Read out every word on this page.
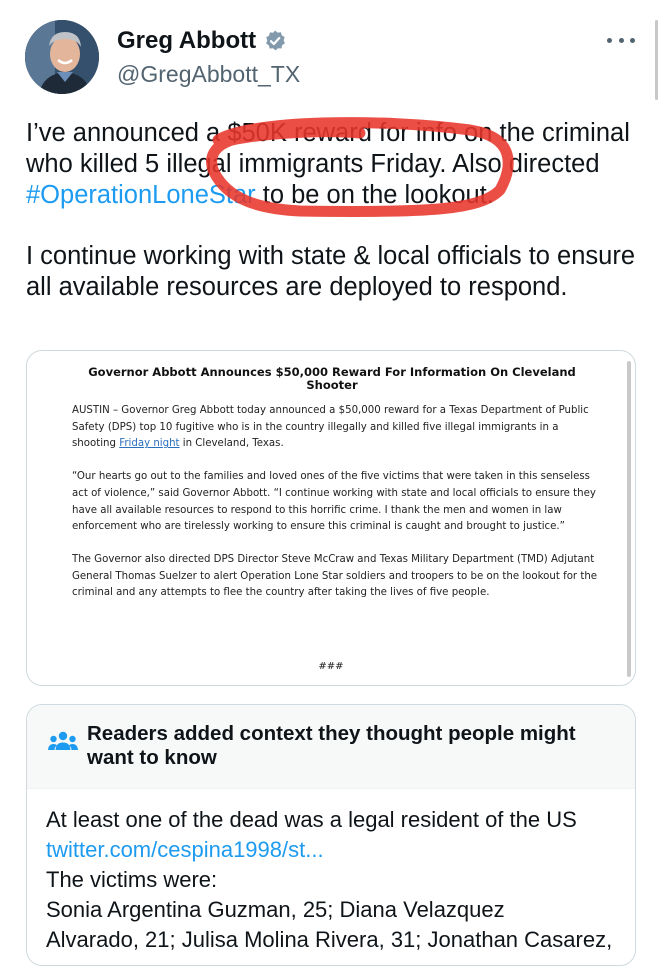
Greg Abbott
@GregAbbott_TX

I’ve announced a $50K reward for info on the criminal who killed 5 illegal immigrants Friday. Also directed #OperationLoneStar to be on the lookout.

I continue working with state & local officials to ensure all available resources are deployed to respond.

Governor Abbott Announces $50,000 Reward For Information On Cleveland Shooter

AUSTIN – Governor Greg Abbott today announced a $50,000 reward for a Texas Department of Public Safety (DPS) top 10 fugitive who is in the country illegally and killed five illegal immigrants in a shooting Friday night in Cleveland, Texas.

“Our hearts go out to the families and loved ones of the five victims that were taken in this senseless act of violence,” said Governor Abbott. “I continue working with state and local officials to ensure they have all available resources to respond to this horrific crime. I thank the men and women in law enforcement who are tirelessly working to ensure this criminal is caught and brought to justice.”

The Governor also directed DPS Director Steve McCraw and Texas Military Department (TMD) Adjutant General Thomas Suelzer to alert Operation Lone Star soldiers and troopers to be on the lookout for the criminal and any attempts to flee the country after taking the lives of five people.

###
Readers added context they thought people might want to know
At least one of the dead was a legal resident of the US
twitter.com/cespina1998/st...
The victims were:
Sonia Argentina Guzman, 25; Diana Velazquez
Alvarado, 21; Julisa Molina Rivera, 31; Jonathan Casarez,
